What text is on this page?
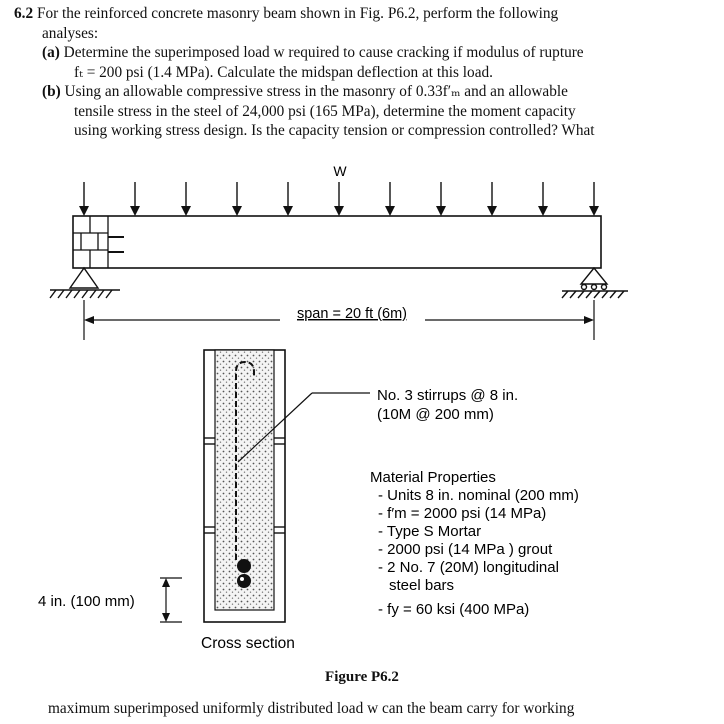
6.2 For the reinforced concrete masonry beam shown in Fig. P6.2, perform the following
analyses:
(a) Determine the superimposed load w required to cause cracking if modulus of rupture
fₜ = 200 psi (1.4 MPa). Calculate the midspan deflection at this load.
(b) Using an allowable compressive stress in the masonry of 0.33f′ₘ and an allowable
tensile stress in the steel of 24,000 psi (165 MPa), determine the moment capacity
using working stress design. Is the capacity tension or compression controlled? What
W
span = 20 ft (6m)
No. 3 stirrups @ 8 in.
(10M @ 200 mm)
Material Properties
- Units 8 in. nominal (200 mm)
- f′m = 2000 psi (14 MPa)
- Type S Mortar
- 2000 psi (14 MPa ) grout
- 2 No. 7 (20M) longitudinal
steel bars
- fy = 60 ksi (400 MPa)
4 in. (100 mm)
Cross section
Figure P6.2
maximum superimposed uniformly distributed load w can the beam carry for working
